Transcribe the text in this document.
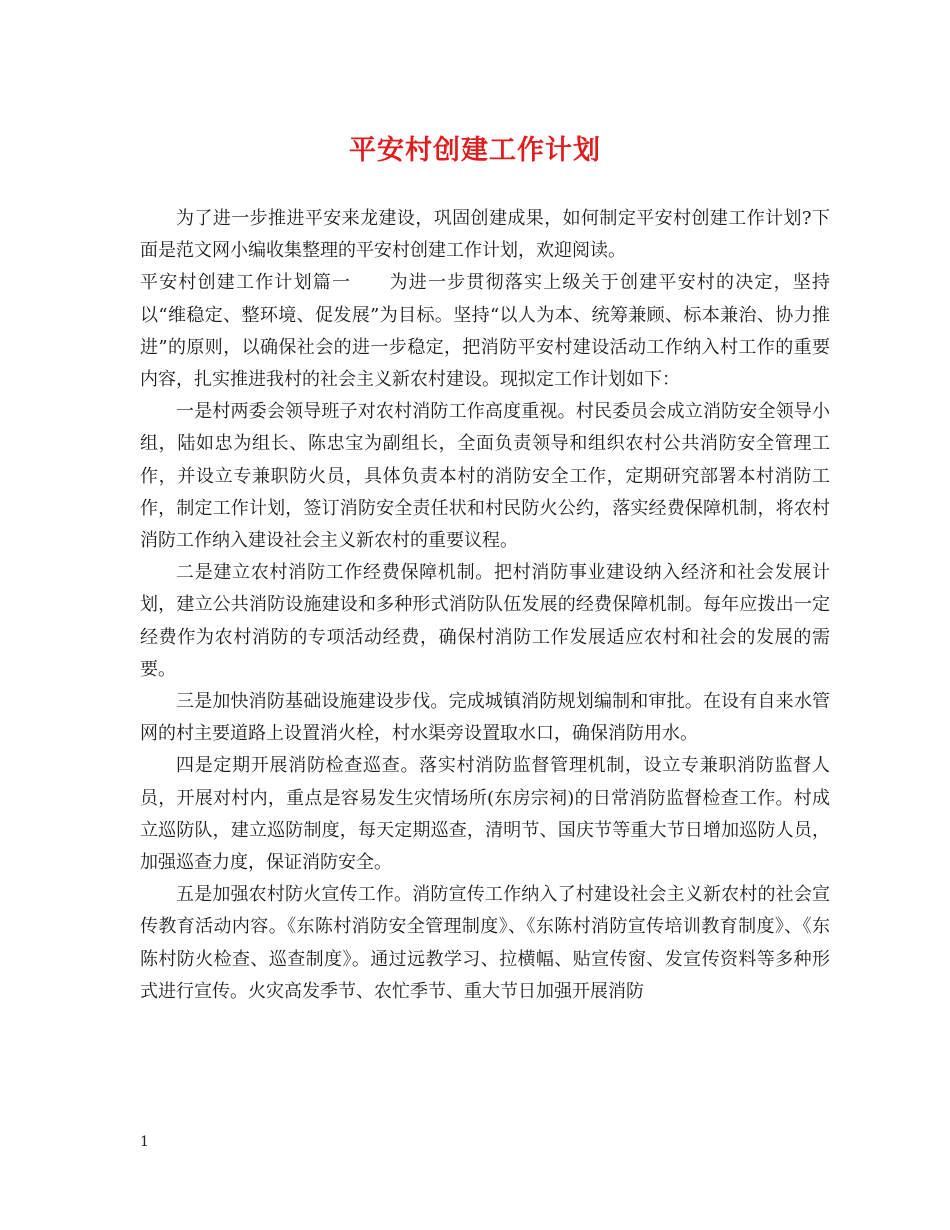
平安村创建工作计划

为了进一步推进平安来龙建设，巩固创建成果，如何制定平安村创建工作计划?下面是范文网小编收集整理的平安村创建工作计划，欢迎阅读。

平安村创建工作计划篇一　　为进一步贯彻落实上级关于创建平安村的决定，坚持以“维稳定、整环境、促发展”为目标。坚持“以人为本、统筹兼顾、标本兼治、协力推进”的原则，以确保社会的进一步稳定，把消防平安村建设活动工作纳入村工作的重要内容，扎实推进我村的社会主义新农村建设。现拟定工作计划如下：

一是村两委会领导班子对农村消防工作高度重视。村民委员会成立消防安全领导小组，陆如忠为组长、陈忠宝为副组长，全面负责领导和组织农村公共消防安全管理工作，并设立专兼职防火员，具体负责本村的消防安全工作，定期研究部署本村消防工作，制定工作计划，签订消防安全责任状和村民防火公约，落实经费保障机制，将农村消防工作纳入建设社会主义新农村的重要议程。

二是建立农村消防工作经费保障机制。把村消防事业建设纳入经济和社会发展计划，建立公共消防设施建设和多种形式消防队伍发展的经费保障机制。每年应拨出一定经费作为农村消防的专项活动经费，确保村消防工作发展适应农村和社会的发展的需要。

三是加快消防基础设施建设步伐。完成城镇消防规划编制和审批。在设有自来水管网的村主要道路上设置消火栓，村水渠旁设置取水口，确保消防用水。

四是定期开展消防检查巡查。落实村消防监督管理机制，设立专兼职消防监督人员，开展对村内，重点是容易发生灾情场所(东房宗祠)的日常消防监督检查工作。村成立巡防队，建立巡防制度，每天定期巡查，清明节、国庆节等重大节日增加巡防人员，加强巡查力度，保证消防安全。

五是加强农村防火宣传工作。消防宣传工作纳入了村建设社会主义新农村的社会宣传教育活动内容。《东陈村消防安全管理制度》、《东陈村消防宣传培训教育制度》、《东陈村防火检查、巡查制度》。通过远教学习、拉横幅、贴宣传窗、发宣传资料等多种形式进行宣传。火灾高发季节、农忙季节、重大节日加强开展消防

1
